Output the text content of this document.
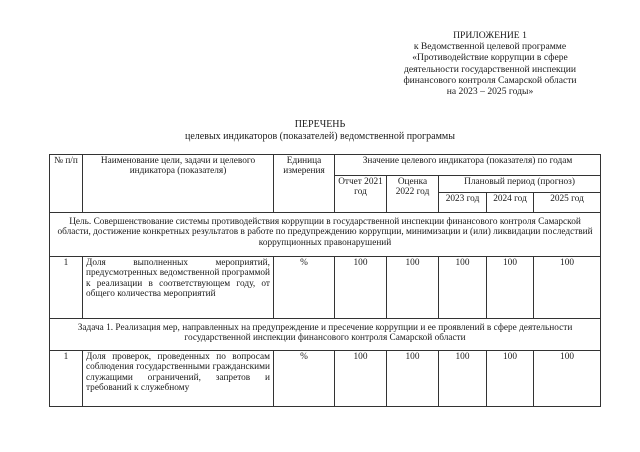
ПРИЛОЖЕНИЕ 1
к Ведомственной целевой программе
«Противодействие коррупции в сфере
деятельности государственной инспекции
финансового контроля Самарской области
на 2023 – 2025 годы»
ПЕРЕЧЕНЬ
целевых индикаторов (показателей) ведомственной программы
№ п/п	Наименование цели, задачи и целевого индикатора (показателя)	Единица измерения	Значение целевого индикатора (показателя) по годам				
			Отчет 2021 год	Оценка 2022 год	Плановый период (прогноз)		
					2023 год	2024 год	2025 год
Цель. Совершенствование системы противодействия коррупции в государственной инспекции финансового контроля Самарской области, достижение конкретных результатов в работе по предупреждению коррупции, минимизации и (или) ликвидации последствий коррупционных правонарушений							
1	Доля выполненных мероприятий, предусмотренных ведомственной программой к реализации в соответствующем году, от общего количества мероприятий	%	100	100	100	100	100
Задача 1. Реализация мер, направленных на предупреждение и пресечение коррупции и ее проявлений в сфере деятельности государственной инспекции финансового контроля Самарской области							
1	Доля проверок, проведенных по вопросам соблюдения государственными гражданскими служащими ограничений, запретов и требований к служебному	%	100	100	100	100	100
